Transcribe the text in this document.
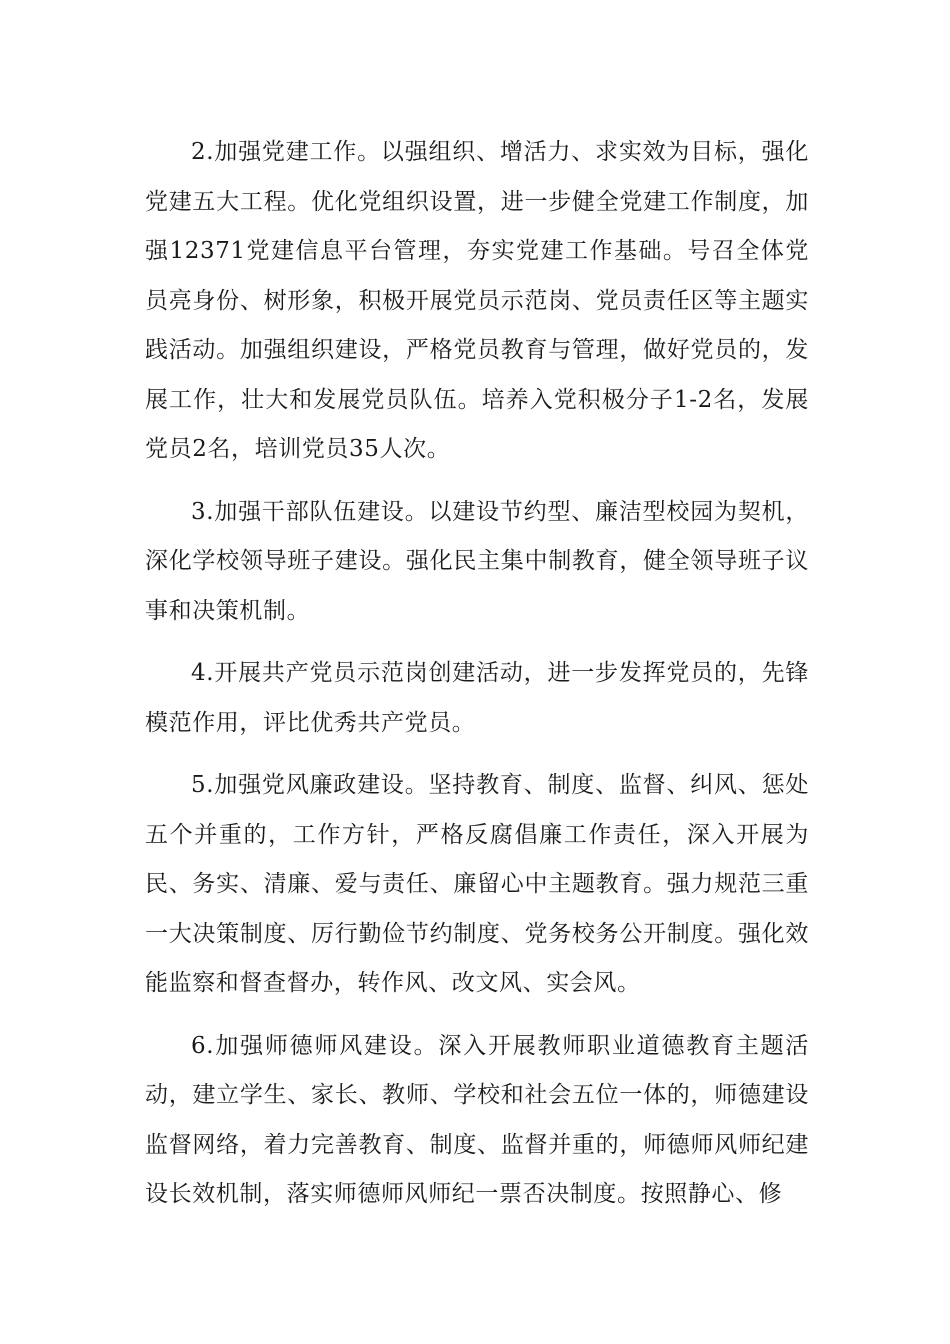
2.加强党建工作。以强组织、增活力、求实效为目标，强化党建五大工程。优化党组织设置，进一步健全党建工作制度，加强12371党建信息平台管理，夯实党建工作基础。号召全体党员亮身份、树形象，积极开展党员示范岗、党员责任区等主题实践活动。加强组织建设，严格党员教育与管理，做好党员的，发展工作，壮大和发展党员队伍。培养入党积极分子1-2名，发展党员2名，培训党员35人次。

3.加强干部队伍建设。以建设节约型、廉洁型校园为契机，深化学校领导班子建设。强化民主集中制教育，健全领导班子议事和决策机制。

4.开展共产党员示范岗创建活动，进一步发挥党员的，先锋模范作用，评比优秀共产党员。

5.加强党风廉政建设。坚持教育、制度、监督、纠风、惩处五个并重的，工作方针，严格反腐倡廉工作责任，深入开展为民、务实、清廉、爱与责任、廉留心中主题教育。强力规范三重一大决策制度、厉行勤俭节约制度、党务校务公开制度。强化效能监察和督查督办，转作风、改文风、实会风。

6.加强师德师风建设。深入开展教师职业道德教育主题活动，建立学生、家长、教师、学校和社会五位一体的，师德建设监督网络，着力完善教育、制度、监督并重的，师德师风师纪建设长效机制，落实师德师风师纪一票否决制度。按照静心、修
